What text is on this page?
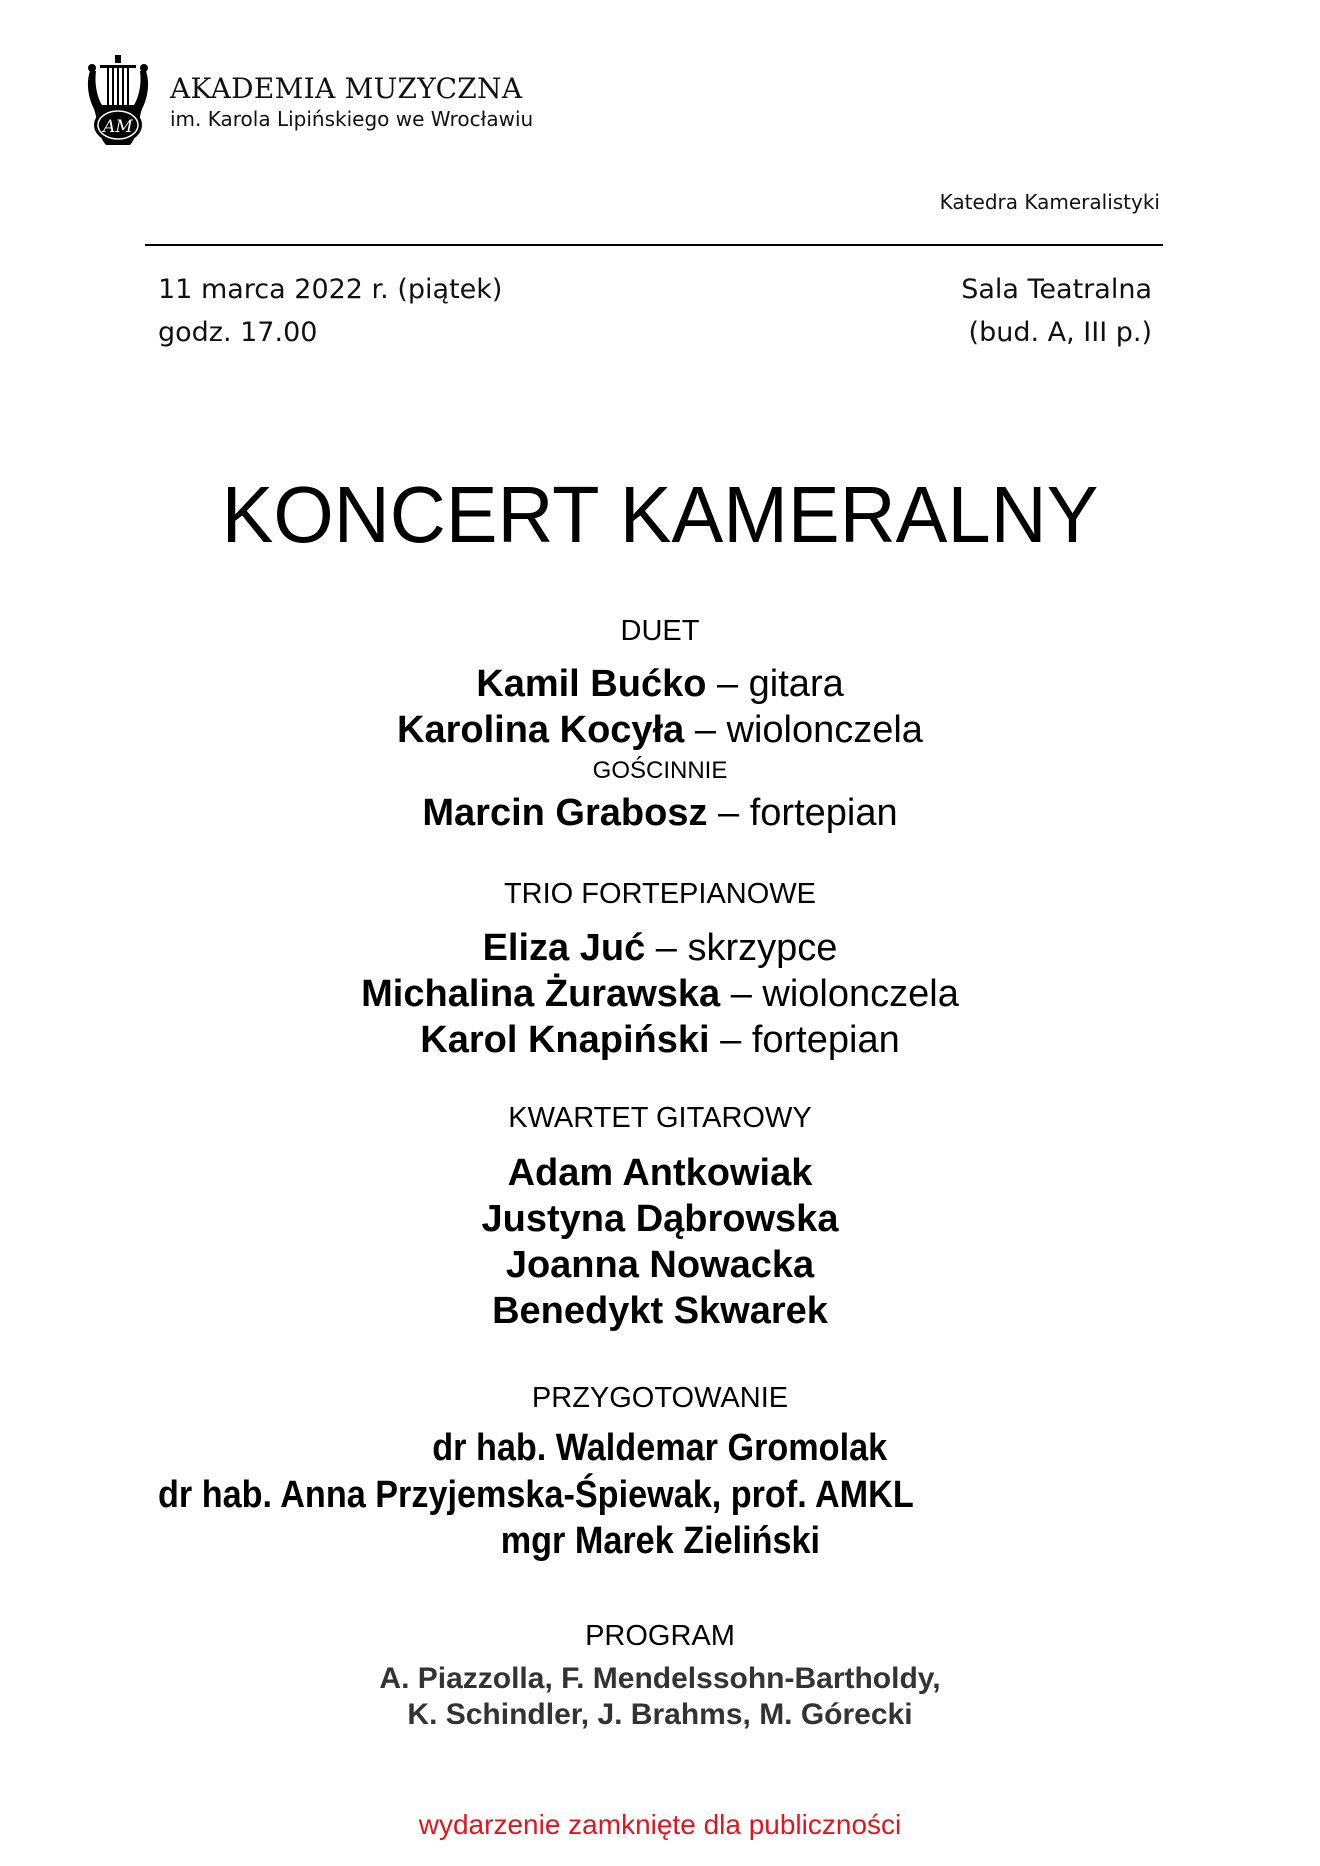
AM
AKADEMIA MUZYCZNA
im. Karola Lipińskiego we Wrocławiu
Katedra Kameralistyki
11 marca 2022 r. (piątek)
godz. 17.00
Sala Teatralna
(bud. A, III p.)
KONCERT KAMERALNY
DUET
Kamil Bućko – gitara
Karolina Kocyła – wiolonczela
GOŚCINNIE
Marcin Grabosz – fortepian
TRIO FORTEPIANOWE
Eliza Juć – skrzypce
Michalina Żurawska – wiolonczela
Karol Knapiński – fortepian
KWARTET GITAROWY
Adam Antkowiak
Justyna Dąbrowska
Joanna Nowacka
Benedykt Skwarek
PRZYGOTOWANIE
dr hab. Waldemar Gromolak
dr hab. Anna Przyjemska-Śpiewak, prof. AMKL
mgr Marek Zieliński
PROGRAM
A. Piazzolla, F. Mendelssohn-Bartholdy,
K. Schindler, J. Brahms, M. Górecki
wydarzenie zamknięte dla publiczności
